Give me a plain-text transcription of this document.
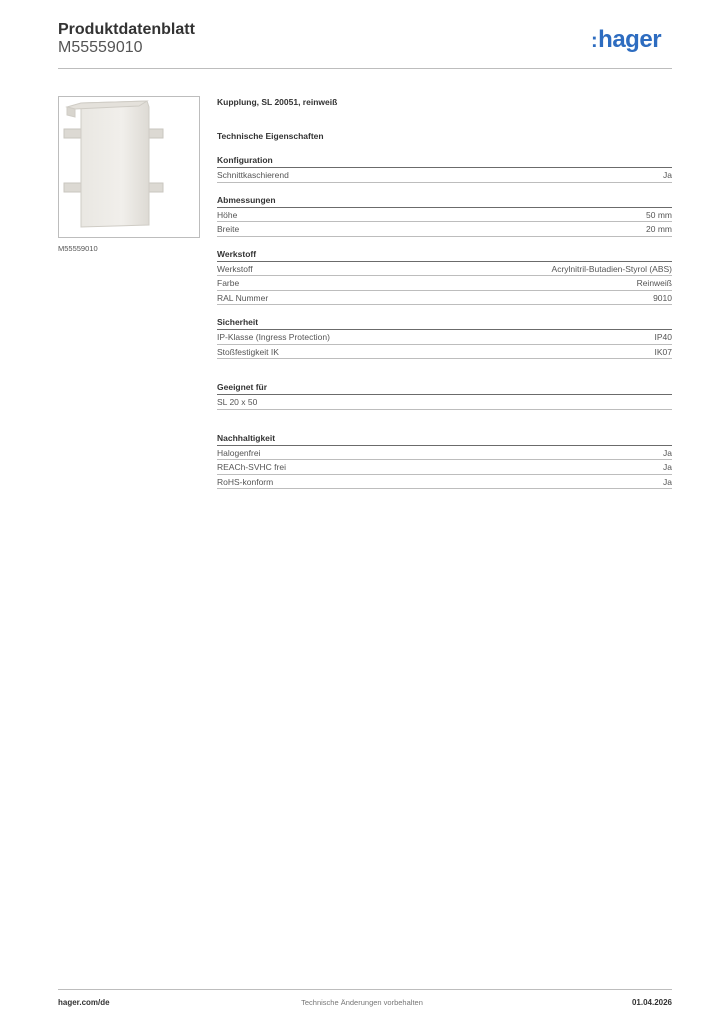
Produktdatenblatt
M55559010	:hager
M55559010
Kupplung, SL 20051, reinweiß
Technische Eigenschaften
Konfiguration
Schnittkaschierend	Ja
Abmessungen
Höhe	50 mm
Breite	20 mm
Werkstoff
Werkstoff	Acrylnitril-Butadien-Styrol (ABS)
Farbe	Reinweiß
RAL Nummer	9010
Sicherheit
IP-Klasse (Ingress Protection)	IP40
Stoßfestigkeit IK	IK07
Geeignet für
SL 20 x 50
Nachhaltigkeit
Halogenfrei	Ja
REACh-SVHC frei	Ja
RoHS-konform	Ja
hager.com/de	Technische Änderungen vorbehalten	01.04.2026
